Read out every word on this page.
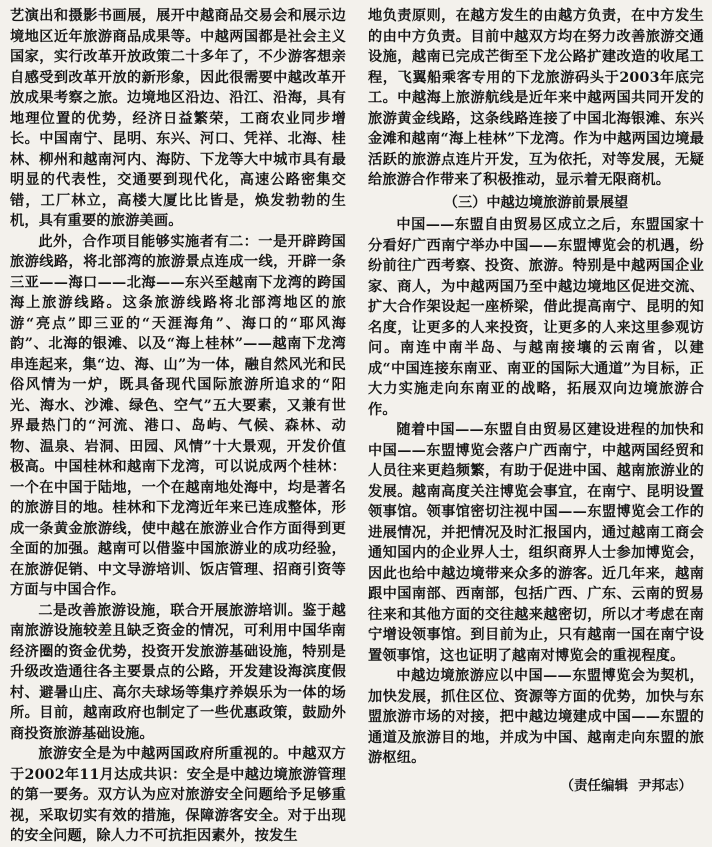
艺演出和摄影书画展，展开中越商品交易会和展示边境地区近年旅游商品成果等。中越两国都是社会主义国家，实行改革开放政策二十多年了，不少游客想亲自感受到改革开放的新形象，因此很需要中越改革开放成果考察之旅。边境地区沿边、沿江、沿海，具有地理位置的优势，经济日益繁荣，工商农业同步增长。中国南宁、昆明、东兴、河口、凭祥、北海、桂林、柳州和越南河内、海防、下龙等大中城市具有最明显的代表性，交通要到现代化，高速公路密集交错，工厂林立，高楼大厦比比皆是，焕发勃勃的生机，具有重要的旅游美画。

此外，合作项目能够实施者有二：一是开辟跨国旅游线路，将北部湾的旅游景点连成一线，开辟一条三亚——海口——北海——东兴至越南下龙湾的跨国海上旅游线路。这条旅游线路将北部湾地区的旅游“亮点”即三亚的“天涯海角”、海口的“耶风海韵”、北海的银滩、以及“海上桂林”——越南下龙湾串连起来，集“边、海、山”为一体，融自然风光和民俗风情为一炉，既具备现代国际旅游所追求的“阳光、海水、沙滩、绿色、空气”五大要素，又兼有世界最热门的“河流、港口、岛屿、气候、森林、动物、温泉、岩洞、田园、风情”十大景观，开发价值极高。中国桂林和越南下龙湾，可以说成两个桂林：一个在中国于陆地，一个在越南地处海中，均是著名的旅游目的地。桂林和下龙湾近年来已连成整体，形成一条黄金旅游线，使中越在旅游业合作方面得到更全面的加强。越南可以借鉴中国旅游业的成功经验，在旅游促销、中文导游培训、饭店管理、招商引资等方面与中国合作。

二是改善旅游设施，联合开展旅游培训。鉴于越南旅游设施较差且缺乏资金的情况，可利用中国华南经济圈的资金优势，投资开发旅游基础设施，特别是升级改造通往各主要景点的公路，开发建设海滨度假村、避暑山庄、高尔夫球场等集疗养娱乐为一体的场所。目前，越南政府也制定了一些优惠政策，鼓励外商投资旅游基础设施。

旅游安全是为中越两国政府所重视的。中越双方于2002年11月达成共识：安全是中越边境旅游管理的第一要务。双方认为应对旅游安全问题给予足够重视，采取切实有效的措施，保障游客安全。对于出现的安全问题，除人力不可抗拒因素外，按发生

地负责原则，在越方发生的由越方负责，在中方发生的由中方负责。目前中越双方均在努力改善旅游交通设施，越南已完成芒街至下龙公路扩建改造的收尾工程，飞翼船乘客专用的下龙旅游码头于2003年底完工。中越海上旅游航线是近年来中越两国共同开发的旅游黄金线路，这条线路连接了中国北海银滩、东兴金滩和越南“海上桂林”下龙湾。作为中越两国边境最活跃的旅游点连片开发，互为依托，对等发展，无疑给旅游合作带来了积极推动，显示着无限商机。

（三）中越边境旅游前景展望

中国——东盟自由贸易区成立之后，东盟国家十分看好广西南宁举办中国——东盟博览会的机遇，纷纷前往广西考察、投资、旅游。特别是中越两国企业家、商人，为中越两国乃至中越边境地区促进交流、扩大合作架设起一座桥梁，借此提高南宁、昆明的知名度，让更多的人来投资，让更多的人来这里参观访问。南连中南半岛、与越南接壤的云南省，以建成“中国连接东南亚、南亚的国际大通道”为目标，正大力实施走向东南亚的战略，拓展双向边境旅游合作。

随着中国——东盟自由贸易区建设进程的加快和中国——东盟博览会落户广西南宁，中越两国经贸和人员往来更趋频繁，有助于促进中国、越南旅游业的发展。越南高度关注博览会事宜，在南宁、昆明设置领事馆。领事馆密切注视中国——东盟博览会工作的进展情况，并把情况及时汇报国内，通过越南工商会通知国内的企业界人士，组织商界人士参加博览会，因此也给中越边境带来众多的游客。近几年来，越南跟中国南部、西南部，包括广西、广东、云南的贸易往来和其他方面的交往越来越密切，所以才考虑在南宁增设领事馆。到目前为止，只有越南一国在南宁设置领事馆，这也证明了越南对博览会的重视程度。

中越边境旅游应以中国——东盟博览会为契机，加快发展，抓住区位、资源等方面的优势，加快与东盟旅游市场的对接，把中越边境建成中国——东盟的通道及旅游目的地，并成为中国、越南走向东盟的旅游枢纽。

（责任编辑 尹邦志）
